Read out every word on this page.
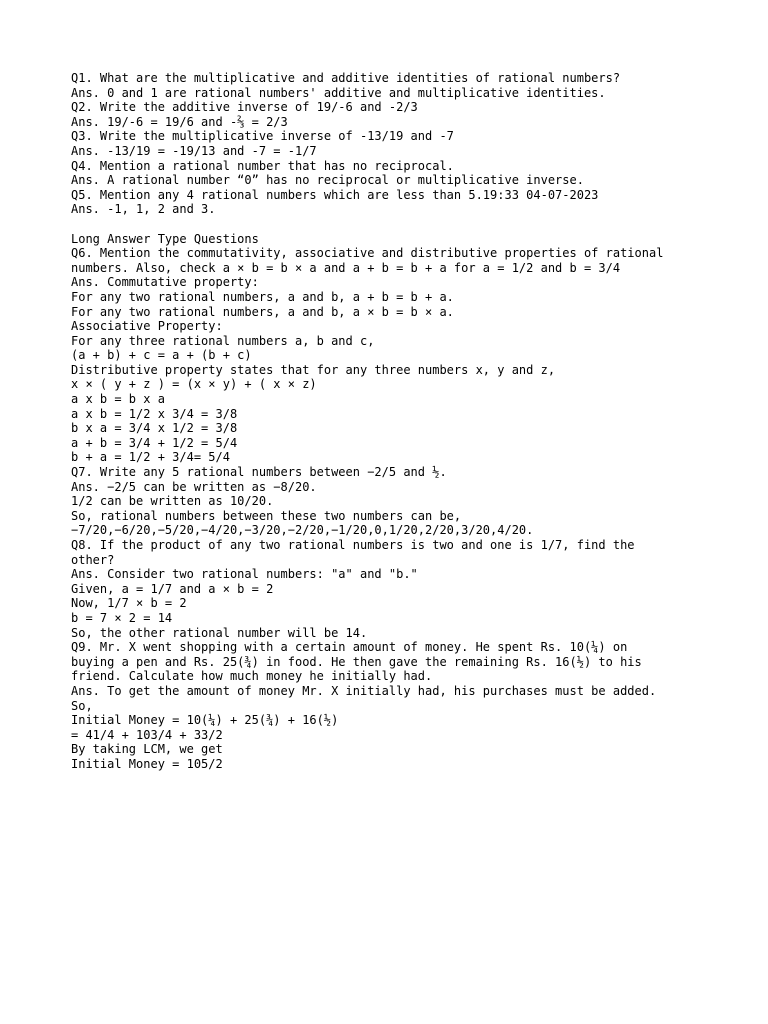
Q1. What are the multiplicative and additive identities of rational numbers?

Ans. 0 and 1 are rational numbers' additive and multiplicative identities.

Q2. Write the additive inverse of 19/-6 and -2/3

Ans. 19/-6 = 19/6 and -⅔ = 2/3

Q3. Write the multiplicative inverse of -13/19 and -7

Ans. -13/19 = -19/13 and -7 = -1/7

Q4. Mention a rational number that has no reciprocal.

Ans. A rational number “0” has no reciprocal or multiplicative inverse.

Q5. Mention any 4 rational numbers which are less than 5.19:33 04-07-2023

Ans. -1, 1, 2 and 3.

Long Answer Type Questions

Q6. Mention the commutativity, associative and distributive properties of rational

numbers. Also, check a × b = b × a and a + b = b + a for a = 1/2 and b = 3/4

Ans. Commutative property:

For any two rational numbers, a and b, a + b = b + a.

For any two rational numbers, a and b, a × b = b × a.

Associative Property:

For any three rational numbers a, b and c,

(a + b) + c = a + (b + c)

Distributive property states that for any three numbers x, y and z,

x × ( y + z ) = (x × y) + ( x × z)

a x b = b x a

a x b = 1/2 x 3/4 = 3/8

b x a = 3/4 x 1/2 = 3/8

a + b = 3/4 + 1/2 = 5/4

b + a = 1/2 + 3/4= 5/4

Q7. Write any 5 rational numbers between −2/5 and ½.

Ans. −2/5 can be written as −8/20.

1/2 can be written as 10/20.

So, rational numbers between these two numbers can be,

−7/20,−6/20,−5/20,−4/20,−3/20,−2/20,−1/20,0,1/20,2/20,3/20,4/20.

Q8. If the product of any two rational numbers is two and one is 1/7, find the

other?

Ans. Consider two rational numbers: "a" and "b."

Given, a = 1/7 and a × b = 2

Now, 1/7 × b = 2

b = 7 × 2 = 14

So, the other rational number will be 14.

Q9. Mr. X went shopping with a certain amount of money. He spent Rs. 10(¼) on

buying a pen and Rs. 25(¾) in food. He then gave the remaining Rs. 16(½) to his

friend. Calculate how much money he initially had.

Ans. To get the amount of money Mr. X initially had, his purchases must be added.

So,

Initial Money = 10(¼) + 25(¾) + 16(½)

= 41/4 + 103/4 + 33/2

By taking LCM, we get

Initial Money = 105/2
